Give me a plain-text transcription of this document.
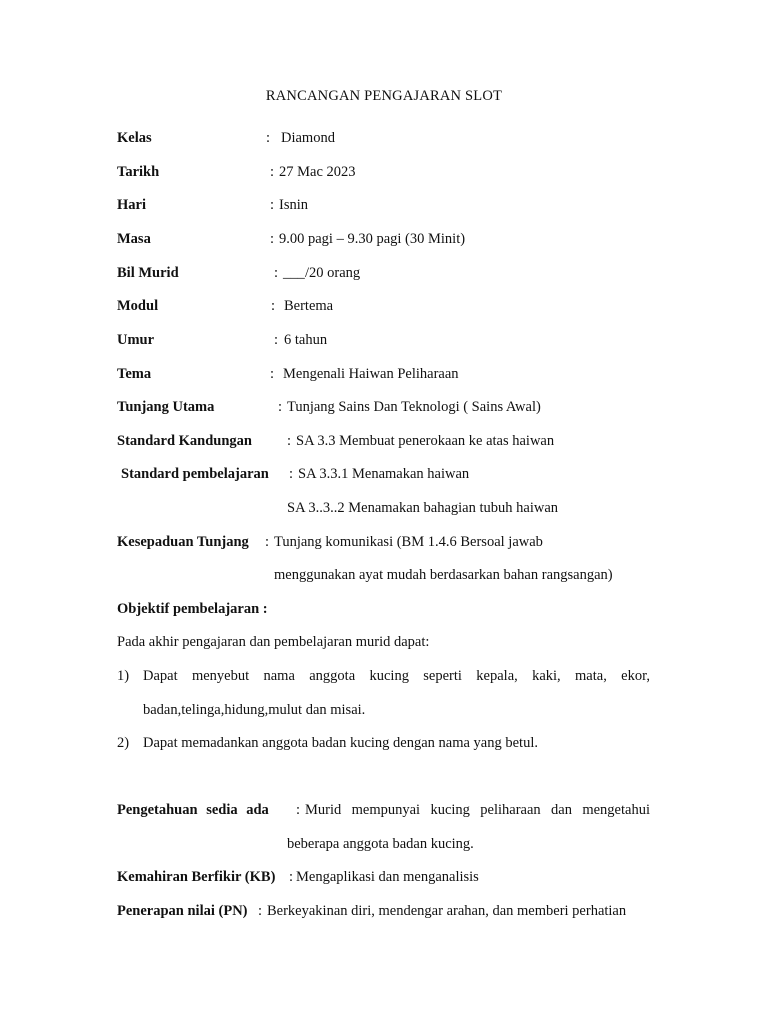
RANCANGAN PENGAJARAN SLOT
Kelas	: Diamond
Tarikh	: 27 Mac 2023
Hari	: Isnin
Masa	: 9.00 pagi – 9.30 pagi (30 Minit)
Bil Murid	: ___ /20 orang
Modul	: Bertema
Umur	: 6 tahun
Tema	: Mengenali Haiwan Peliharaan
Tunjang Utama	: Tunjang Sains Dan Teknologi ( Sains Awal)
Standard Kandungan : SA 3.3 Membuat penerokaan ke atas haiwan
Standard pembelajaran : SA 3.3.1 Menamakan haiwan
SA 3..3..2 Menamakan bahagian tubuh haiwan
Kesepaduan Tunjang : Tunjang komunikasi (BM 1.4.6 Bersoal jawab
menggunakan ayat mudah berdasarkan bahan rangsangan)
Objektif pembelajaran :
Pada akhir pengajaran dan pembelajaran murid dapat:
1) Dapat menyebut nama anggota kucing seperti kepala, kaki, mata, ekor,
badan,telinga,hidung,mulut dan misai.
2) Dapat memadankan anggota badan kucing dengan nama yang betul.
Pengetahuan sedia ada : Murid mempunyai kucing peliharaan dan mengetahui
beberapa anggota badan kucing.
Kemahiran Berfikir (KB) : Mengaplikasi dan menganalisis
Penerapan nilai (PN) : Berkeyakinan diri, mendengar arahan, dan memberi perhatian
